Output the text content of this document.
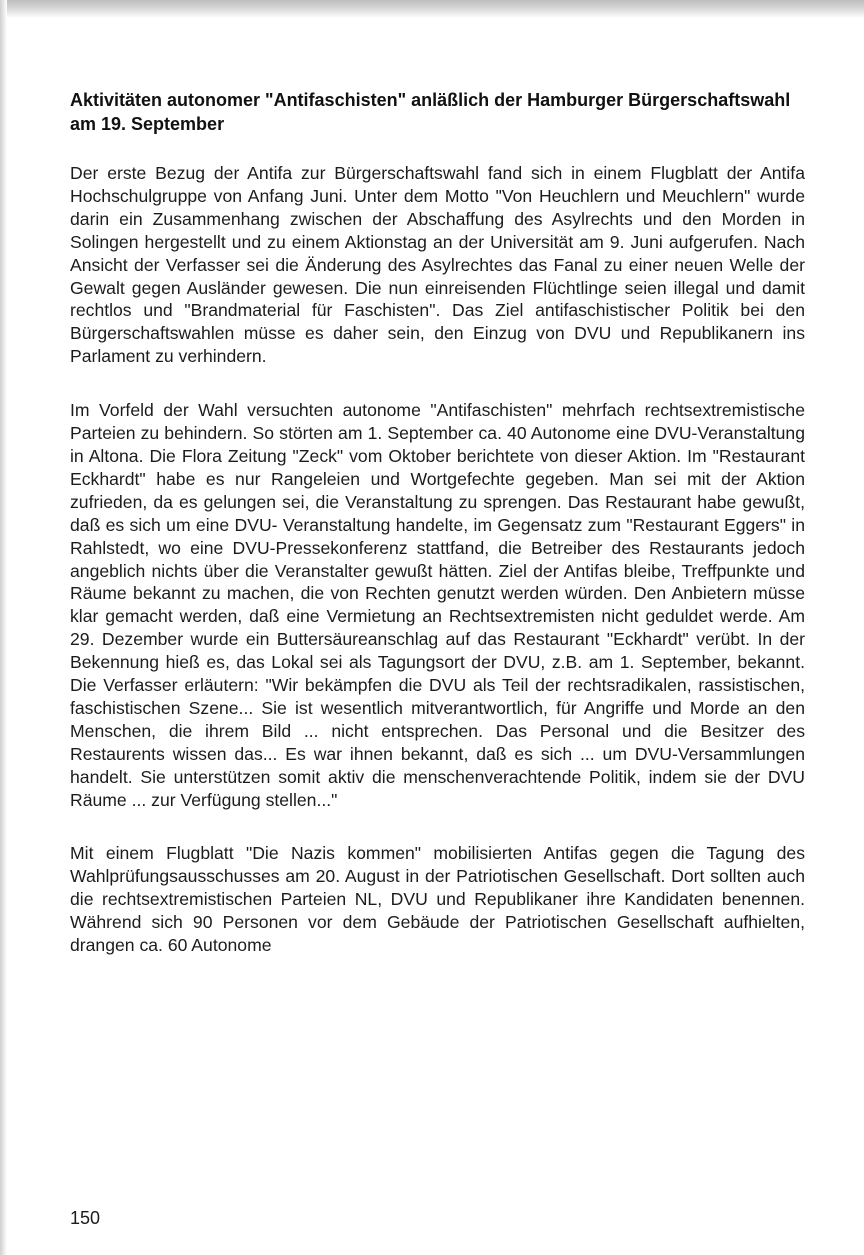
Aktivitäten autonomer "Antifaschisten" anläßlich der Hamburger Bürgerschaftswahl am 19. September

Der erste Bezug der Antifa zur Bürgerschaftswahl fand sich in einem Flugblatt der Antifa Hochschulgruppe von Anfang Juni. Unter dem Motto "Von Heuchlern und Meuchlern" wurde darin ein Zusammenhang zwischen der Abschaffung des Asylrechts und den Morden in Solingen hergestellt und zu einem Aktionstag an der Universität am 9. Juni aufgerufen. Nach Ansicht der Verfasser sei die Änderung des Asylrechtes das Fanal zu einer neuen Welle der Gewalt gegen Ausländer gewesen. Die nun einreisenden Flüchtlinge seien illegal und damit rechtlos und "Brandmaterial für Faschisten". Das Ziel antifaschistischer Politik bei den Bürgerschaftswahlen müsse es daher sein, den Einzug von DVU und Republikanern ins Parlament zu verhindern.

Im Vorfeld der Wahl versuchten autonome "Antifaschisten" mehrfach rechtsextremistische Parteien zu behindern. So störten am 1. September ca. 40 Autonome eine DVU-Veranstaltung in Altona. Die Flora Zeitung "Zeck" vom Oktober berichtete von dieser Aktion. Im "Restaurant Eckhardt" habe es nur Rangeleien und Wortgefechte gegeben. Man sei mit der Aktion zufrieden, da es gelungen sei, die Veranstaltung zu sprengen. Das Restaurant habe gewußt, daß es sich um eine DVU- Veranstaltung handelte, im Gegensatz zum "Restaurant Eggers" in Rahlstedt, wo eine DVU-Pressekonferenz stattfand, die Betreiber des Restaurants jedoch angeblich nichts über die Veranstalter gewußt hätten. Ziel der Antifas bleibe, Treffpunkte und Räume bekannt zu machen, die von Rechten genutzt werden würden. Den Anbietern müsse klar gemacht werden, daß eine Vermietung an Rechtsextremisten nicht geduldet werde. Am 29. Dezember wurde ein Buttersäureanschlag auf das Restaurant "Eckhardt" verübt. In der Bekennung hieß es, das Lokal sei als Tagungsort der DVU, z.B. am 1. September, bekannt. Die Verfasser erläutern: "Wir bekämpfen die DVU als Teil der rechtsradikalen, rassistischen, faschistischen Szene... Sie ist wesentlich mitverantwortlich, für Angriffe und Morde an den Menschen, die ihrem Bild ... nicht entsprechen. Das Personal und die Besitzer des Restaurents wissen das... Es war ihnen bekannt, daß es sich ... um DVU-Versammlungen handelt. Sie unterstützen somit aktiv die menschenverachtende Politik, indem sie der DVU Räume ... zur Verfügung stellen..."

Mit einem Flugblatt "Die Nazis kommen" mobilisierten Antifas gegen die Tagung des Wahlprüfungsausschusses am 20. August in der Patriotischen Gesellschaft. Dort sollten auch die rechtsextremistischen Parteien NL, DVU und Republikaner ihre Kandidaten benennen. Während sich 90 Personen vor dem Gebäude der Patriotischen Gesellschaft aufhielten, drangen ca. 60 Autonome

150
